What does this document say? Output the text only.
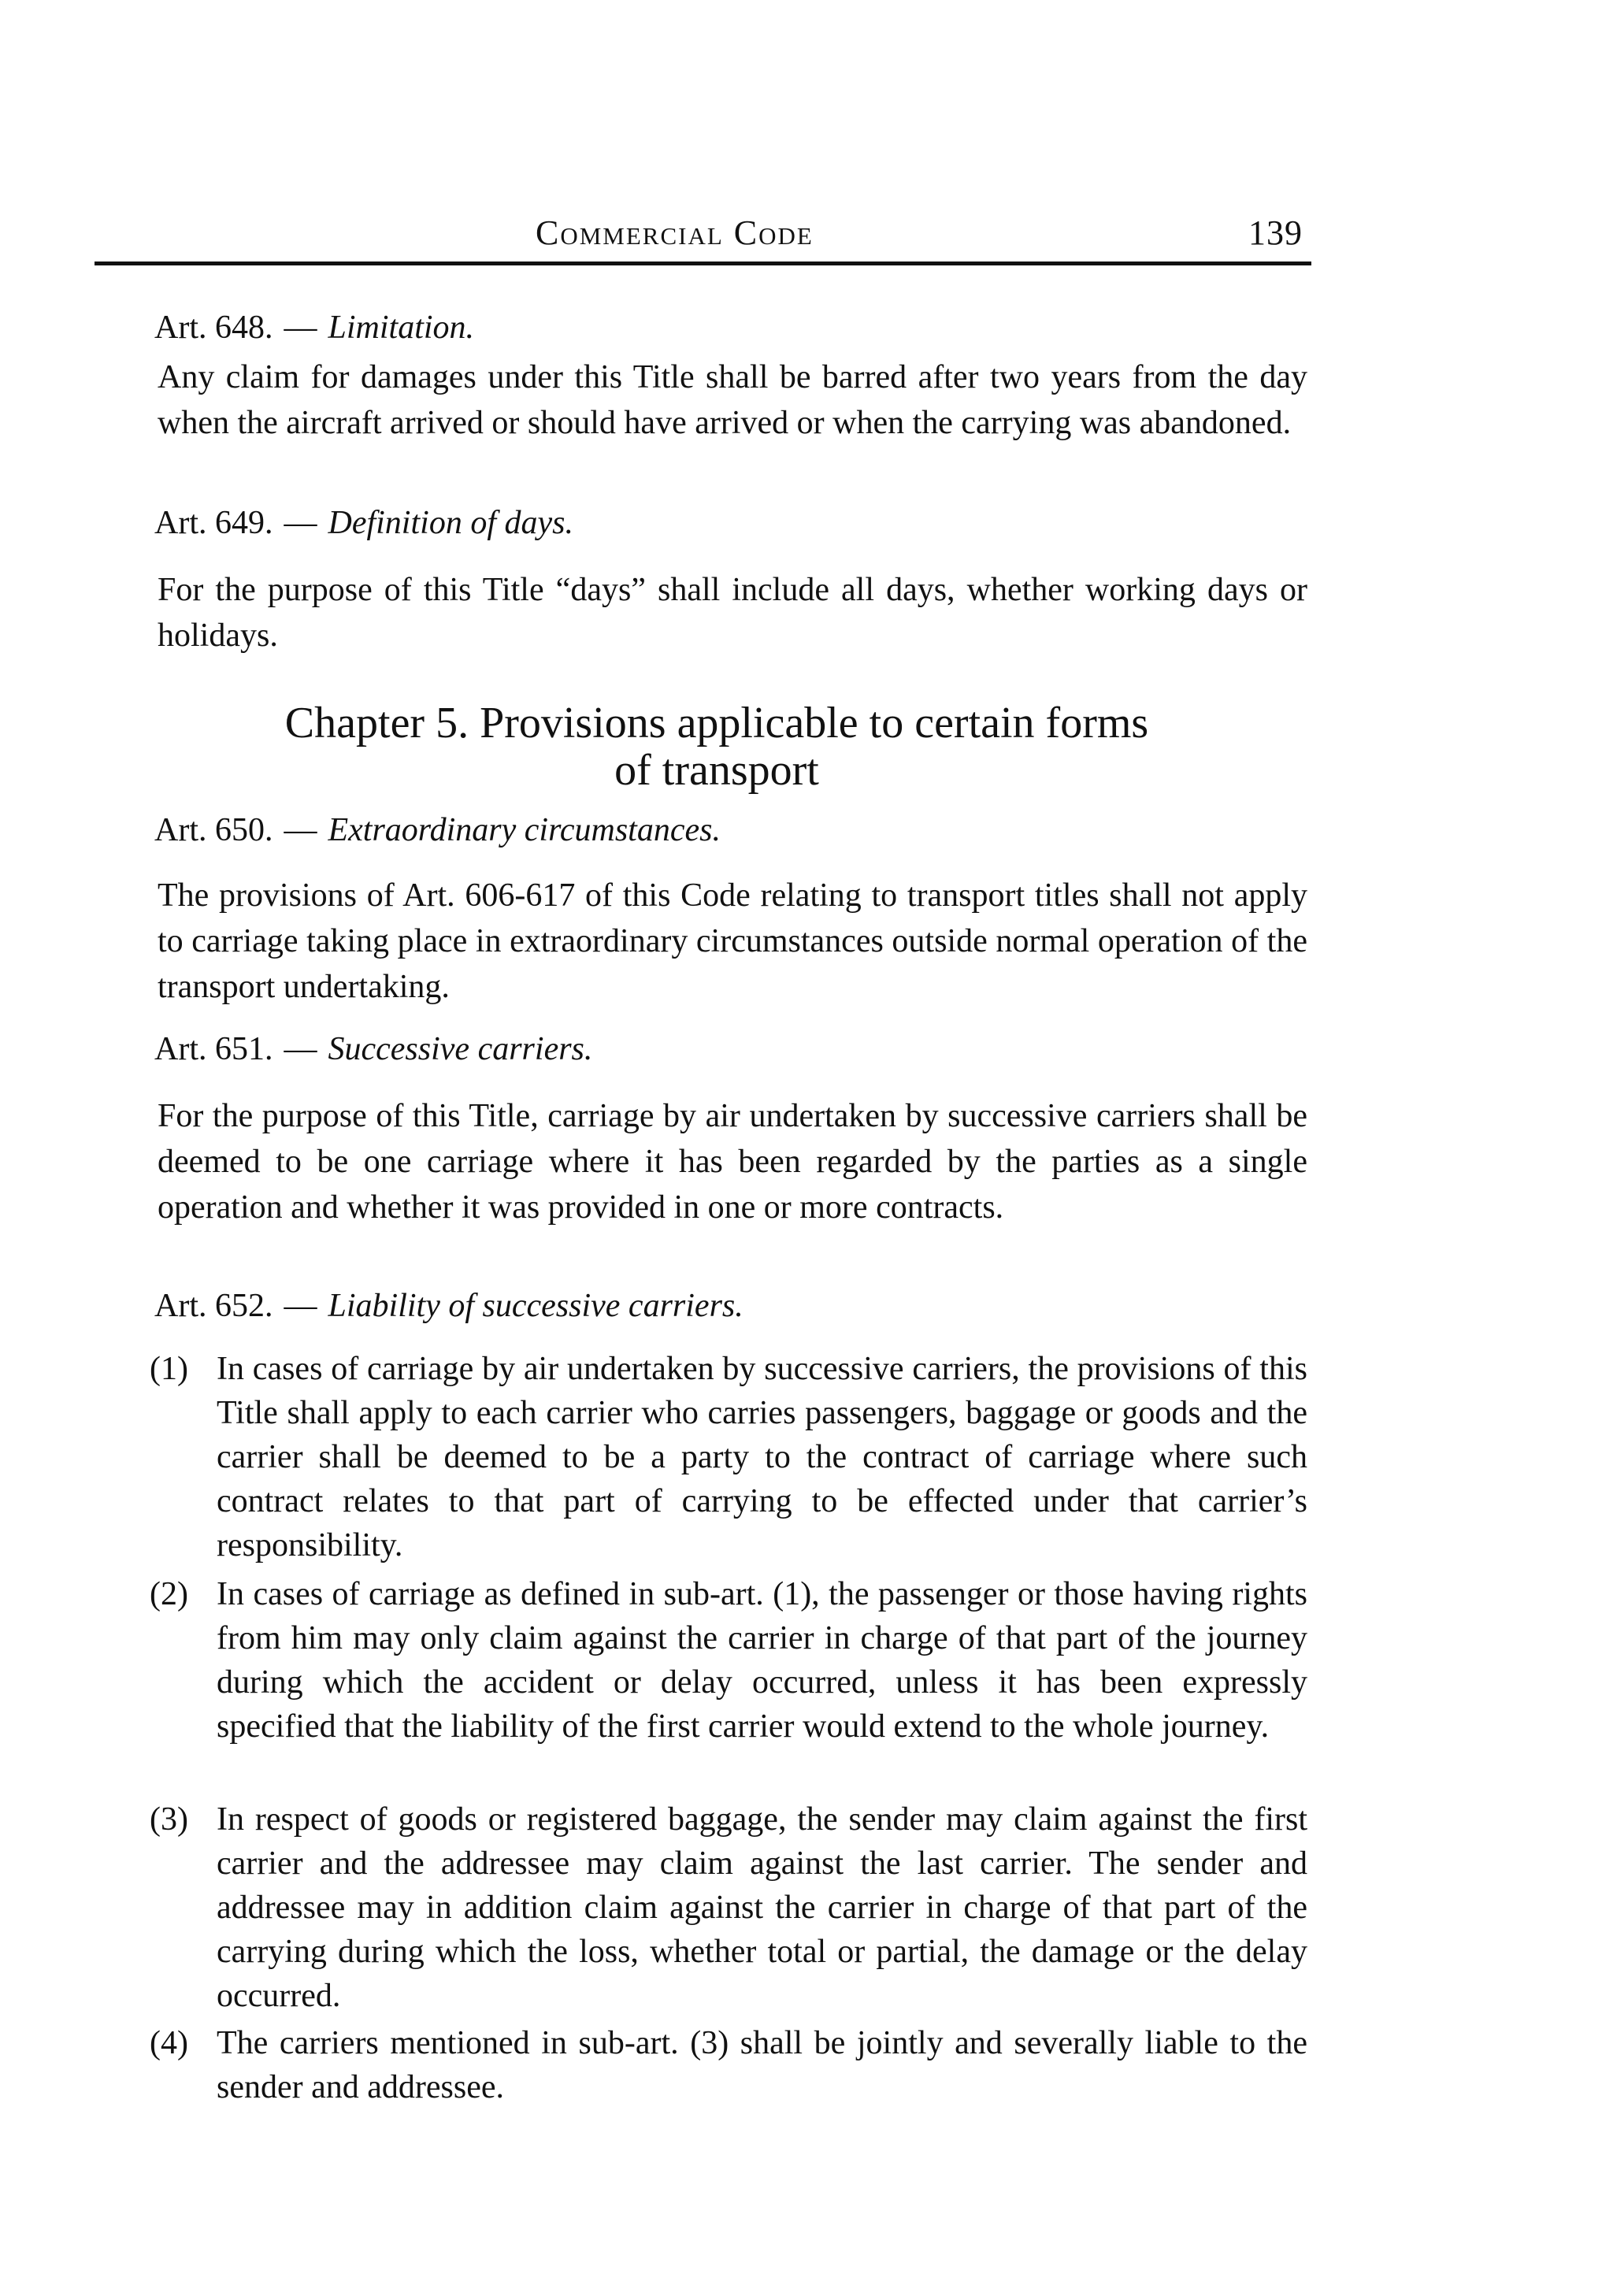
Commercial Code	139
Art. 648. — Limitation.
Any claim for damages under this Title shall be barred after two years from the day when the aircraft arrived or should have arrived or when the carrying was abandoned.
Art. 649. — Definition of days.
For the purpose of this Title “days” shall include all days, whether working days or holidays.
Chapter 5. Provisions applicable to certain forms
of transport
Art. 650. — Extraordinary circumstances.
The provisions of Art. 606-617 of this Code relating to transport titles shall not apply to carriage taking place in extraordinary circumstances outside normal operation of the transport undertaking.
Art. 651. — Successive carriers.
For the purpose of this Title, carriage by air undertaken by successive carriers shall be deemed to be one carriage where it has been regarded by the parties as a single operation and whether it was provided in one or more contracts.
Art. 652. — Liability of successive carriers.
(1) In cases of carriage by air undertaken by successive carriers, the provisions of this Title shall apply to each carrier who carries passengers, baggage or goods and the carrier shall be deemed to be a party to the contract of carriage where such contract relates to that part of carrying to be effected under that carrier’s responsibility.
(2) In cases of carriage as defined in sub-art. (1), the passenger or those having rights from him may only claim against the carrier in charge of that part of the journey during which the accident or delay occurred, unless it has been expressly specified that the liability of the first carrier would extend to the whole journey.
(3) In respect of goods or registered baggage, the sender may claim against the first carrier and the addressee may claim against the last carrier. The sender and addressee may in addition claim against the carrier in charge of that part of the carrying during which the loss, whether total or partial, the damage or the delay occurred.
(4) The carriers mentioned in sub-art. (3) shall be jointly and severally liable to the sender and addressee.
